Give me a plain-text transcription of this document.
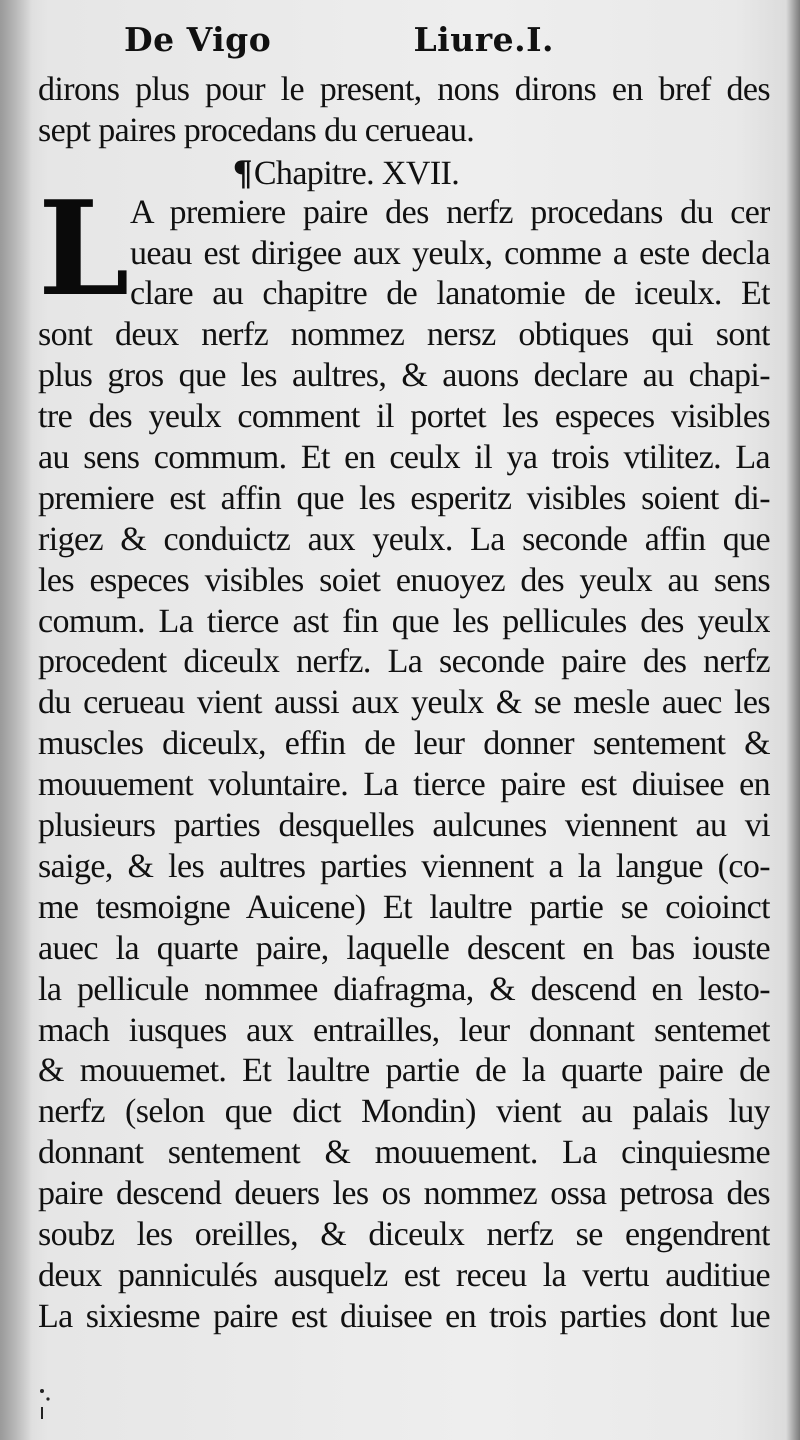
De Vigo	Liure.I.
dirons plus pour le present, nons dirons en bref des
sept paires procedans du cerueau.
¶Chapitre. XVII.
L A premiere paire des nerfz procedans du cer
ueau est dirigee aux yeulx, comme a este decla
clare au chapitre de lanatomie de iceulx. Et
sont deux nerfz nommez nersz obtiques qui sont
plus gros que les aultres, & auons declare au chapi-
tre des yeulx comment il portet les especes visibles
au sens commum. Et en ceulx il ya trois vtilitez. La
premiere est affin que les esperitz visibles soient di-
rigez & conduictz aux yeulx. La seconde affin que
les especes visibles soiet enuoyez des yeulx au sens
comum. La tierce ast fin que les pellicules des yeulx
procedent diceulx nerfz. La seconde paire des nerfz
du cerueau vient aussi aux yeulx & se mesle auec les
muscles diceulx, effin de leur donner sentement &
mouuement voluntaire. La tierce paire est diuisee en
plusieurs parties desquelles aulcunes viennent au vi
saige, & les aultres parties viennent a la langue (co-
me tesmoigne Auicene) Et laultre partie se coioinct
auec la quarte paire, laquelle descent en bas iouste
la pellicule nommee diafragma, & descend en lesto-
mach iusques aux entrailles, leur donnant sentemet
& mouuemet. Et laultre partie de la quarte paire de
nerfz (selon que dict Mondin) vient au palais luy
donnant sentement & mouuement. La cinquiesme
paire descend deuers les os nommez ossa petrosa des
soubz les oreilles, & diceulx nerfz se engendrent
deux panniculés ausquelz est receu la vertu auditiue
La sixiesme paire est diuisee en trois parties dont lue
